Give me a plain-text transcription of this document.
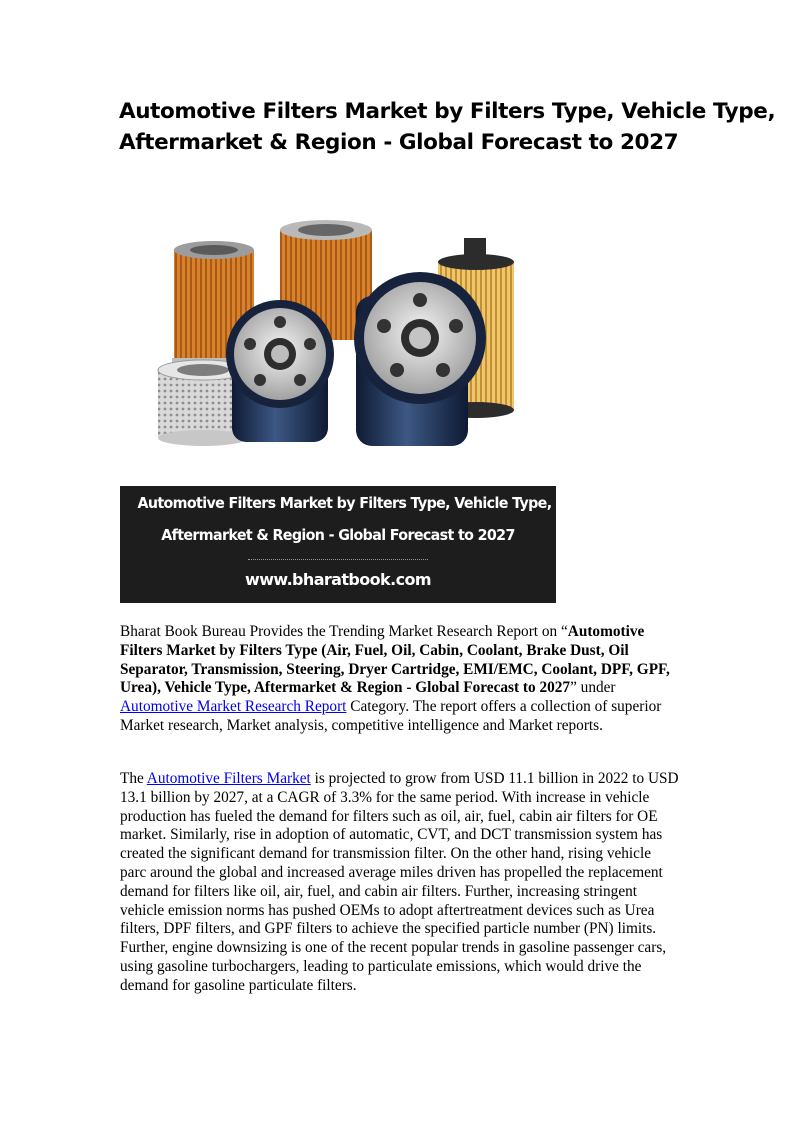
Automotive Filters Market by Filters Type, Vehicle Type,
Aftermarket & Region - Global Forecast to 2027
Automotive Filters Market by Filters Type, Vehicle Type,
Aftermarket & Region - Global Forecast to 2027
www.bharatbook.com

Bharat Book Bureau Provides the Trending Market Research Report on “Automotive Filters Market by Filters Type (Air, Fuel, Oil, Cabin, Coolant, Brake Dust, Oil Separator, Transmission, Steering, Dryer Cartridge, EMI/EMC, Coolant, DPF, GPF, Urea), Vehicle Type, Aftermarket & Region - Global Forecast to 2027” under Automotive Market Research Report Category. The report offers a collection of superior Market research, Market analysis, competitive intelligence and Market reports.

The Automotive Filters Market is projected to grow from USD 11.1 billion in 2022 to USD 13.1 billion by 2027, at a CAGR of 3.3% for the same period. With increase in vehicle production has fueled the demand for filters such as oil, air, fuel, cabin air filters for OE market. Similarly, rise in adoption of automatic, CVT, and DCT transmission system has created the significant demand for transmission filter. On the other hand, rising vehicle parc around the global and increased average miles driven has propelled the replacement demand for filters like oil, air, fuel, and cabin air filters. Further, increasing stringent vehicle emission norms has pushed OEMs to adopt aftertreatment devices such as Urea filters, DPF filters, and GPF filters to achieve the specified particle number (PN) limits. Further, engine downsizing is one of the recent popular trends in gasoline passenger cars, using gasoline turbochargers, leading to particulate emissions, which would drive the demand for gasoline particulate filters.
